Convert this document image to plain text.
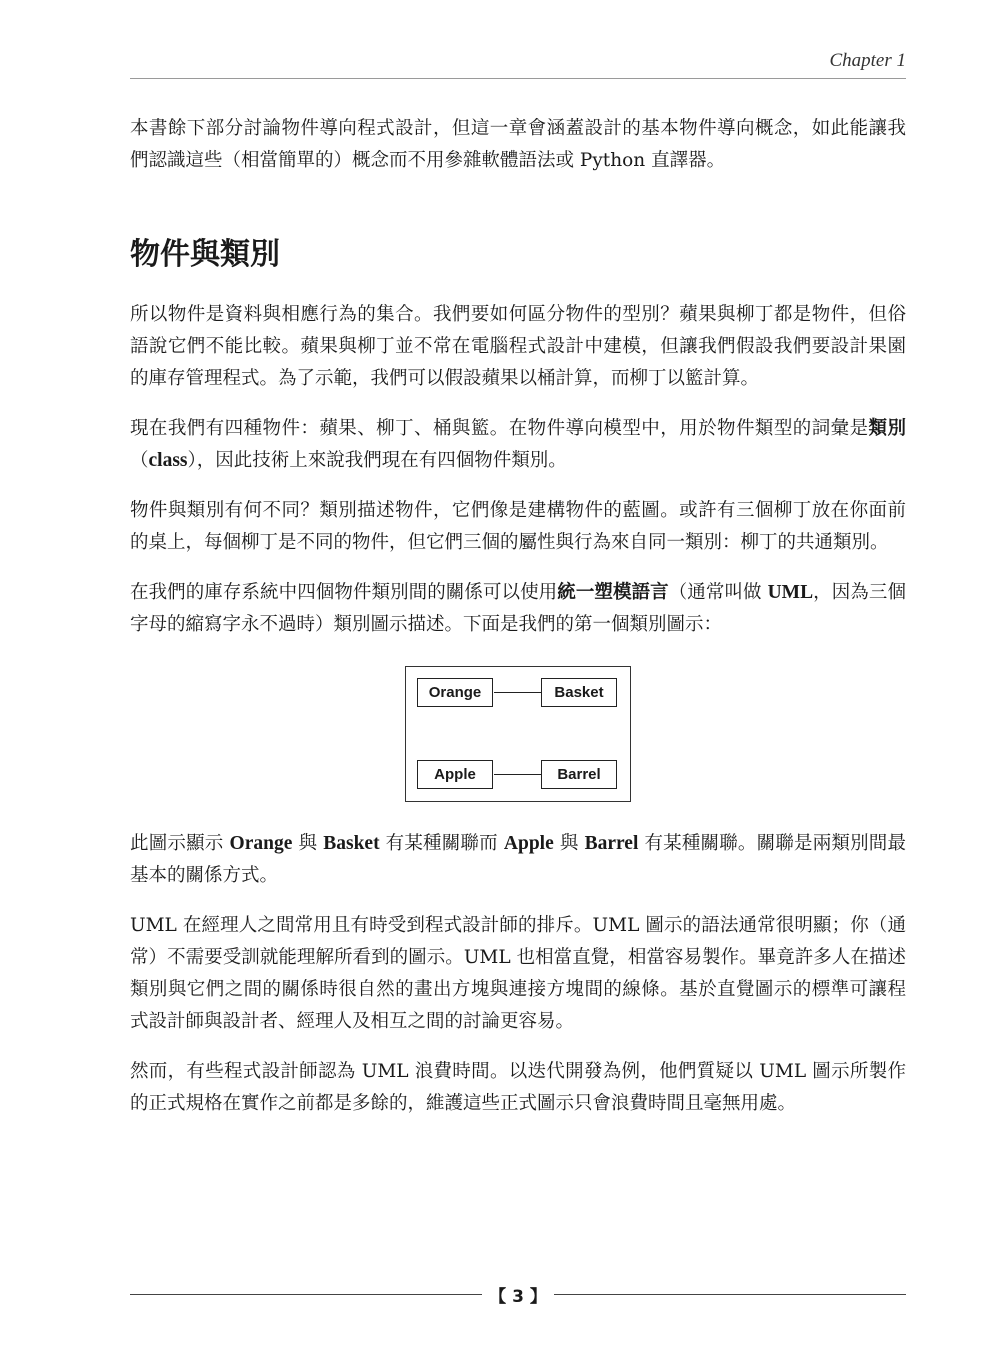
Chapter 1

本書餘下部分討論物件導向程式設計，但這一章會涵蓋設計的基本物件導向概念，如此能讓我們認識這些（相當簡單的）概念而不用參雜軟體語法或 Python 直譯器。

物件與類別

所以物件是資料與相應行為的集合。我們要如何區分物件的型別？蘋果與柳丁都是物件，但俗語說它們不能比較。蘋果與柳丁並不常在電腦程式設計中建模，但讓我們假設我們要設計果園的庫存管理程式。為了示範，我們可以假設蘋果以桶計算，而柳丁以籃計算。

現在我們有四種物件：蘋果、柳丁、桶與籃。在物件導向模型中，用於物件類型的詞彙是類別（class），因此技術上來說我們現在有四個物件類別。

物件與類別有何不同？類別描述物件，它們像是建構物件的藍圖。或許有三個柳丁放在你面前的桌上，每個柳丁是不同的物件，但它們三個的屬性與行為來自同一類別：柳丁的共通類別。

在我們的庫存系統中四個物件類別間的關係可以使用統一塑模語言（通常叫做 UML，因為三個字母的縮寫字永不過時）類別圖示描述。下面是我們的第一個類別圖示：

Orange	Basket
Apple	Barrel

此圖示顯示 Orange 與 Basket 有某種關聯而 Apple 與 Barrel 有某種關聯。關聯是兩類別間最基本的關係方式。

UML 在經理人之間常用且有時受到程式設計師的排斥。UML 圖示的語法通常很明顯；你（通常）不需要受訓就能理解所看到的圖示。UML 也相當直覺，相當容易製作。畢竟許多人在描述類別與它們之間的關係時很自然的畫出方塊與連接方塊間的線條。基於直覺圖示的標準可讓程式設計師與設計者、經理人及相互之間的討論更容易。

然而，有些程式設計師認為 UML 浪費時間。以迭代開發為例，他們質疑以 UML 圖示所製作的正式規格在實作之前都是多餘的，維護這些正式圖示只會浪費時間且毫無用處。

【 3 】
